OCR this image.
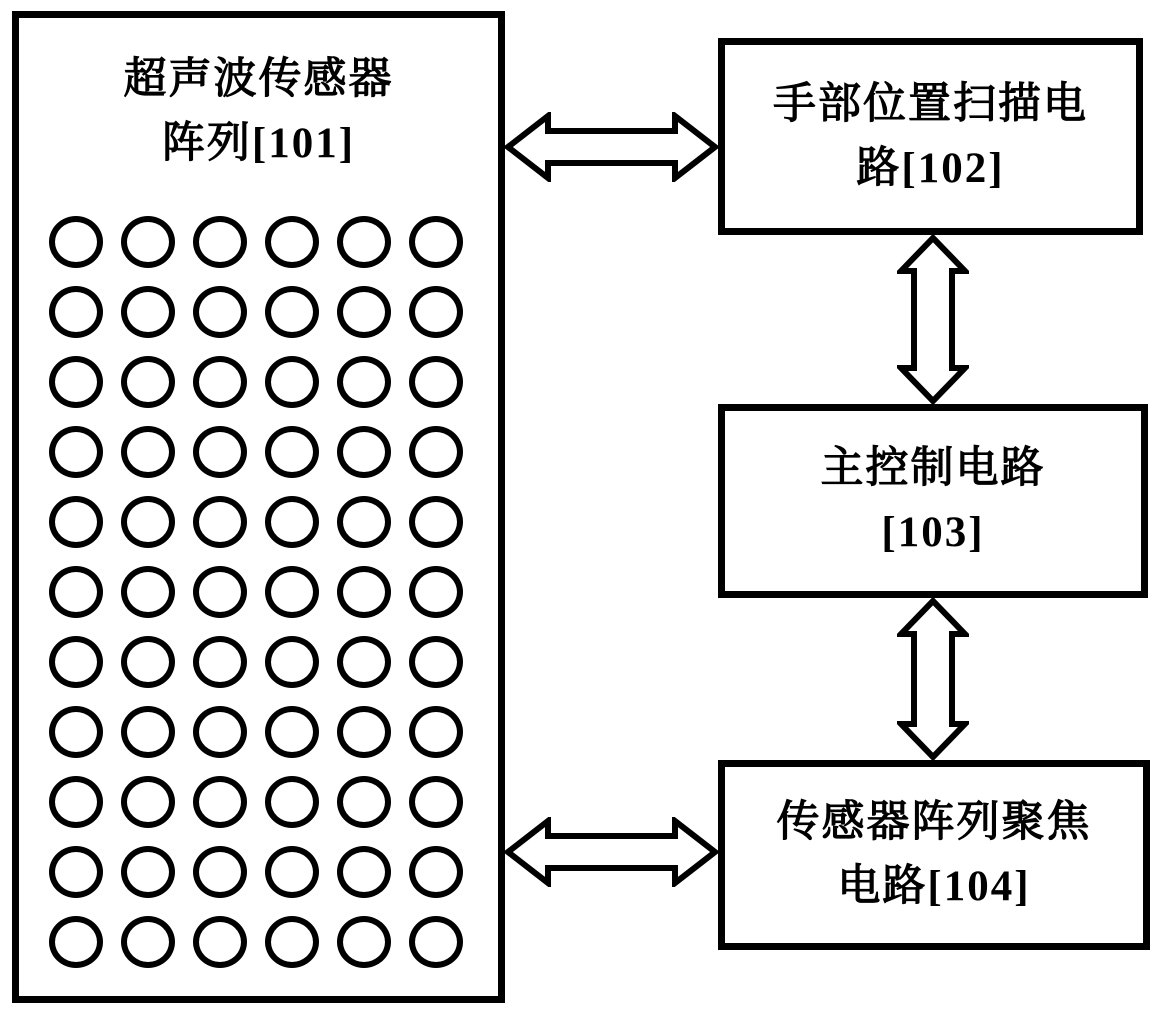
超声波传感器
阵列[101]
手部位置扫描电
路[102]
主控制电路
[103]
传感器阵列聚焦
电路[104]
